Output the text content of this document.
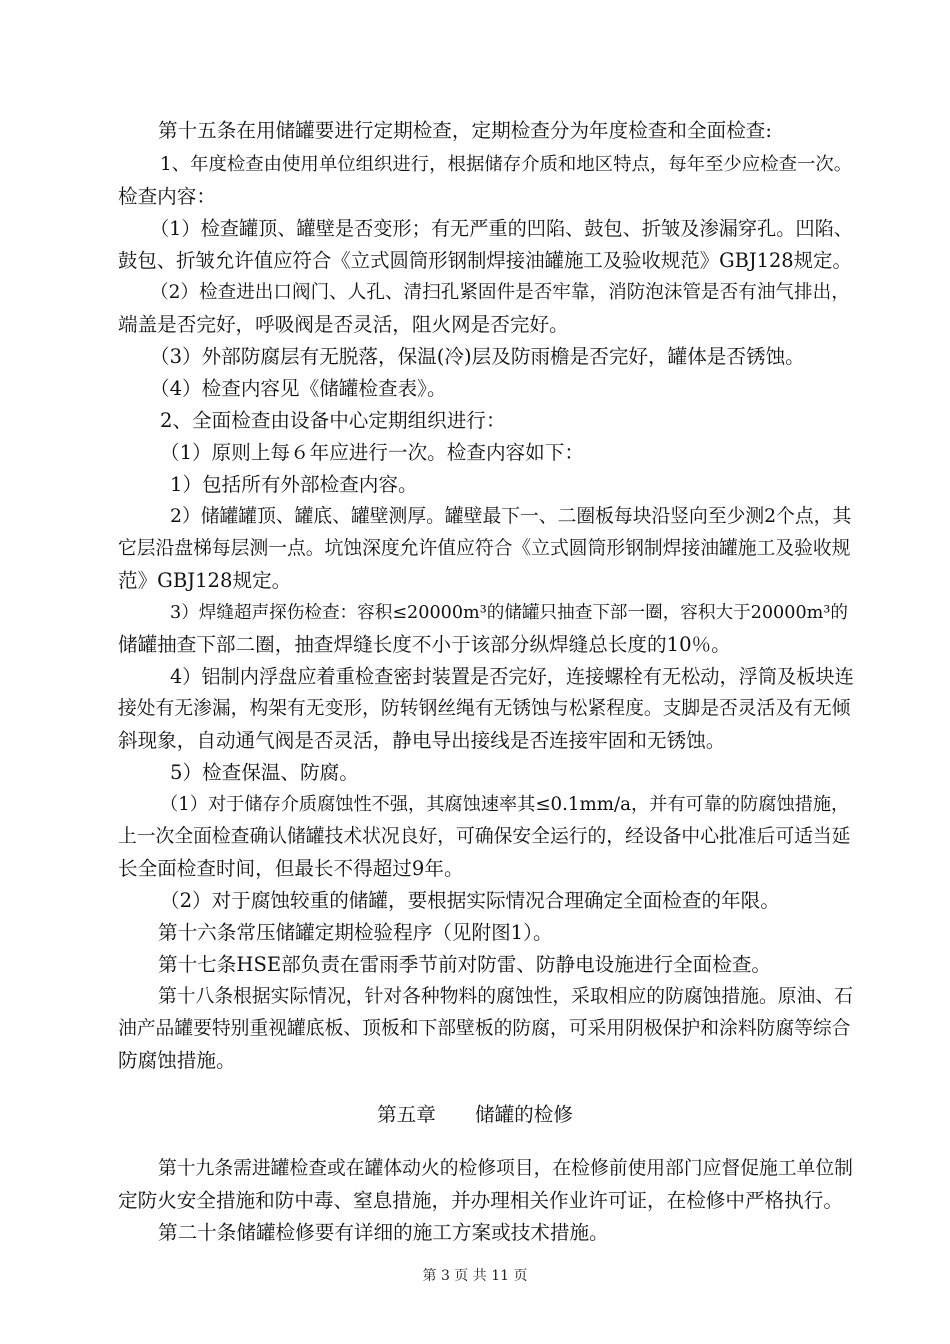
第十五条在用储罐要进行定期检查，定期检查分为年度检查和全面检查:
1、年度检查由使用单位组织进行，根据储存介质和地区特点，每年至少应检查一次。
检查内容：
（1）检查罐顶、罐壁是否变形；有无严重的凹陷、鼓包、折皱及渗漏穿孔。凹陷、
鼓包、折皱允许值应符合《立式圆筒形钢制焊接油罐施工及验收规范》GBJ128规定。
（2）检查进出口阀门、人孔、清扫孔紧固件是否牢靠，消防泡沫管是否有油气排出，
端盖是否完好，呼吸阀是否灵活，阻火网是否完好。
（3）外部防腐层有无脱落，保温(冷)层及防雨檐是否完好，罐体是否锈蚀。
（4）检查内容见《储罐检查表》。
2、全面检查由设备中心定期组织进行：
（1）原则上每６年应进行一次。检查内容如下：
1）包括所有外部检查内容。
2）储罐罐顶、罐底、罐壁测厚。罐壁最下一、二圈板每块沿竖向至少测2个点，其
它层沿盘梯每层测一点。坑蚀深度允许值应符合《立式圆筒形钢制焊接油罐施工及验收规
范》GBJ128规定。
3）焊缝超声探伤检查：容积≤20000m³的储罐只抽查下部一圈，容积大于20000m³的
储罐抽查下部二圈，抽查焊缝长度不小于该部分纵焊缝总长度的10％。
4）铝制内浮盘应着重检查密封装置是否完好，连接螺栓有无松动，浮筒及板块连
接处有无渗漏，构架有无变形，防转钢丝绳有无锈蚀与松紧程度。支脚是否灵活及有无倾
斜现象，自动通气阀是否灵活，静电导出接线是否连接牢固和无锈蚀。
5）检查保温、防腐。
（1）对于储存介质腐蚀性不强，其腐蚀速率其≤0.1mm/a，并有可靠的防腐蚀措施，
上一次全面检查确认储罐技术状况良好，可确保安全运行的，经设备中心批准后可适当延
长全面检查时间，但最长不得超过9年。
（2）对于腐蚀较重的储罐，要根据实际情况合理确定全面检查的年限。
第十六条常压储罐定期检验程序（见附图1）。
第十七条HSE部负责在雷雨季节前对防雷、防静电设施进行全面检查。
第十八条根据实际情况，针对各种物料的腐蚀性，采取相应的防腐蚀措施。原油、石
油产品罐要特别重视罐底板、顶板和下部壁板的防腐，可采用阴极保护和涂料防腐等综合
防腐蚀措施。
第五章　　储罐的检修
第十九条需进罐检查或在罐体动火的检修项目，在检修前使用部门应督促施工单位制
定防火安全措施和防中毒、窒息措施，并办理相关作业许可证，在检修中严格执行。
第二十条储罐检修要有详细的施工方案或技术措施。
第 3 页 共 11 页
